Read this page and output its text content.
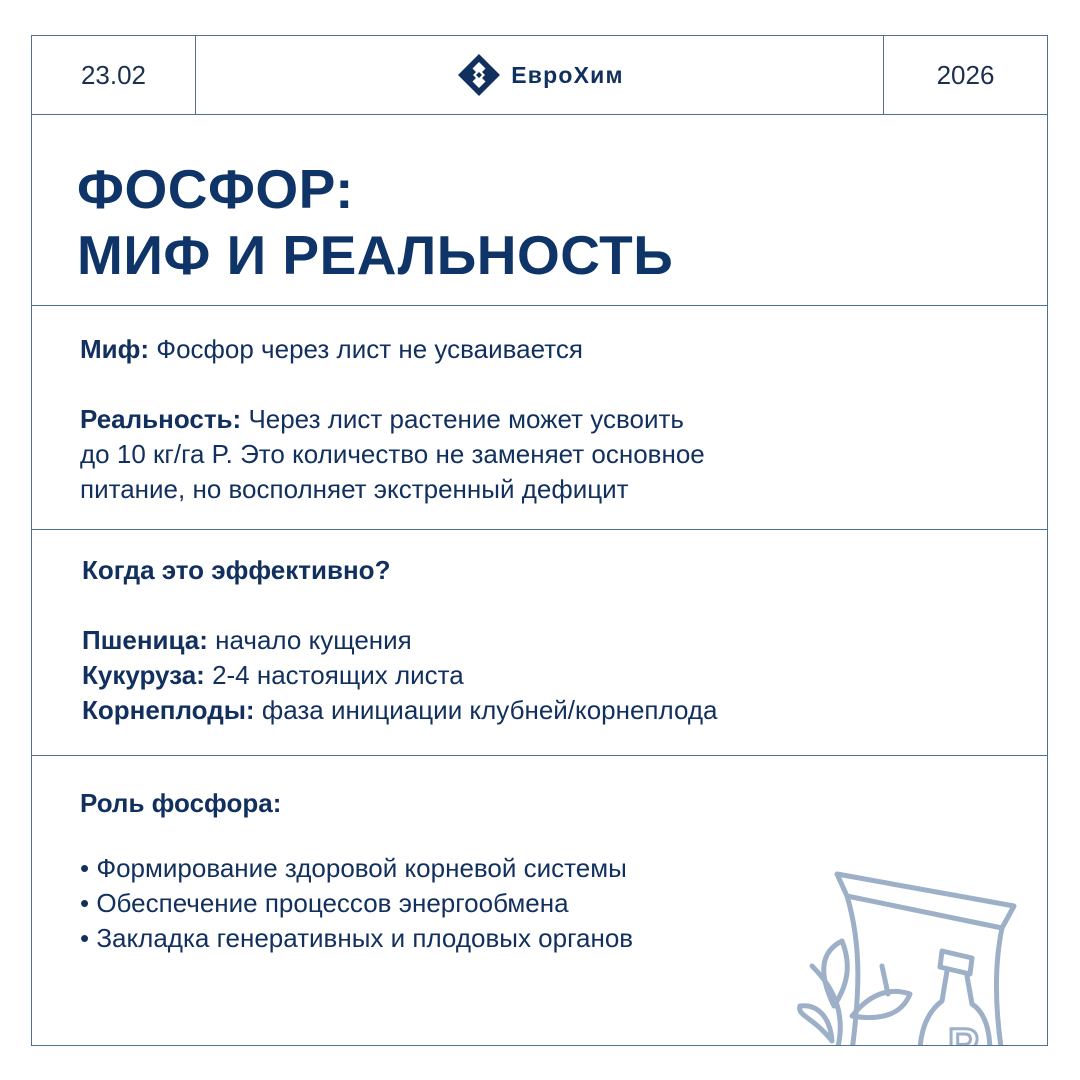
23.02	ЕвроХим	2026
ФОСФОР:
МИФ И РЕАЛЬНОСТЬ
Миф: Фосфор через лист не усваивается
Реальность: Через лист растение может усвоить
до 10 кг/га P. Это количество не заменяет основное
питание, но восполняет экстренный дефицит
Когда это эффективно?
Пшеница: начало кущения
Кукуруза: 2-4 настоящих листа
Корнеплоды: фаза инициации клубней/корнеплода
Роль фосфора:
• Формирование здоровой корневой системы
• Обеспечение процессов энергообмена
• Закладка генеративных и плодовых органов
P
